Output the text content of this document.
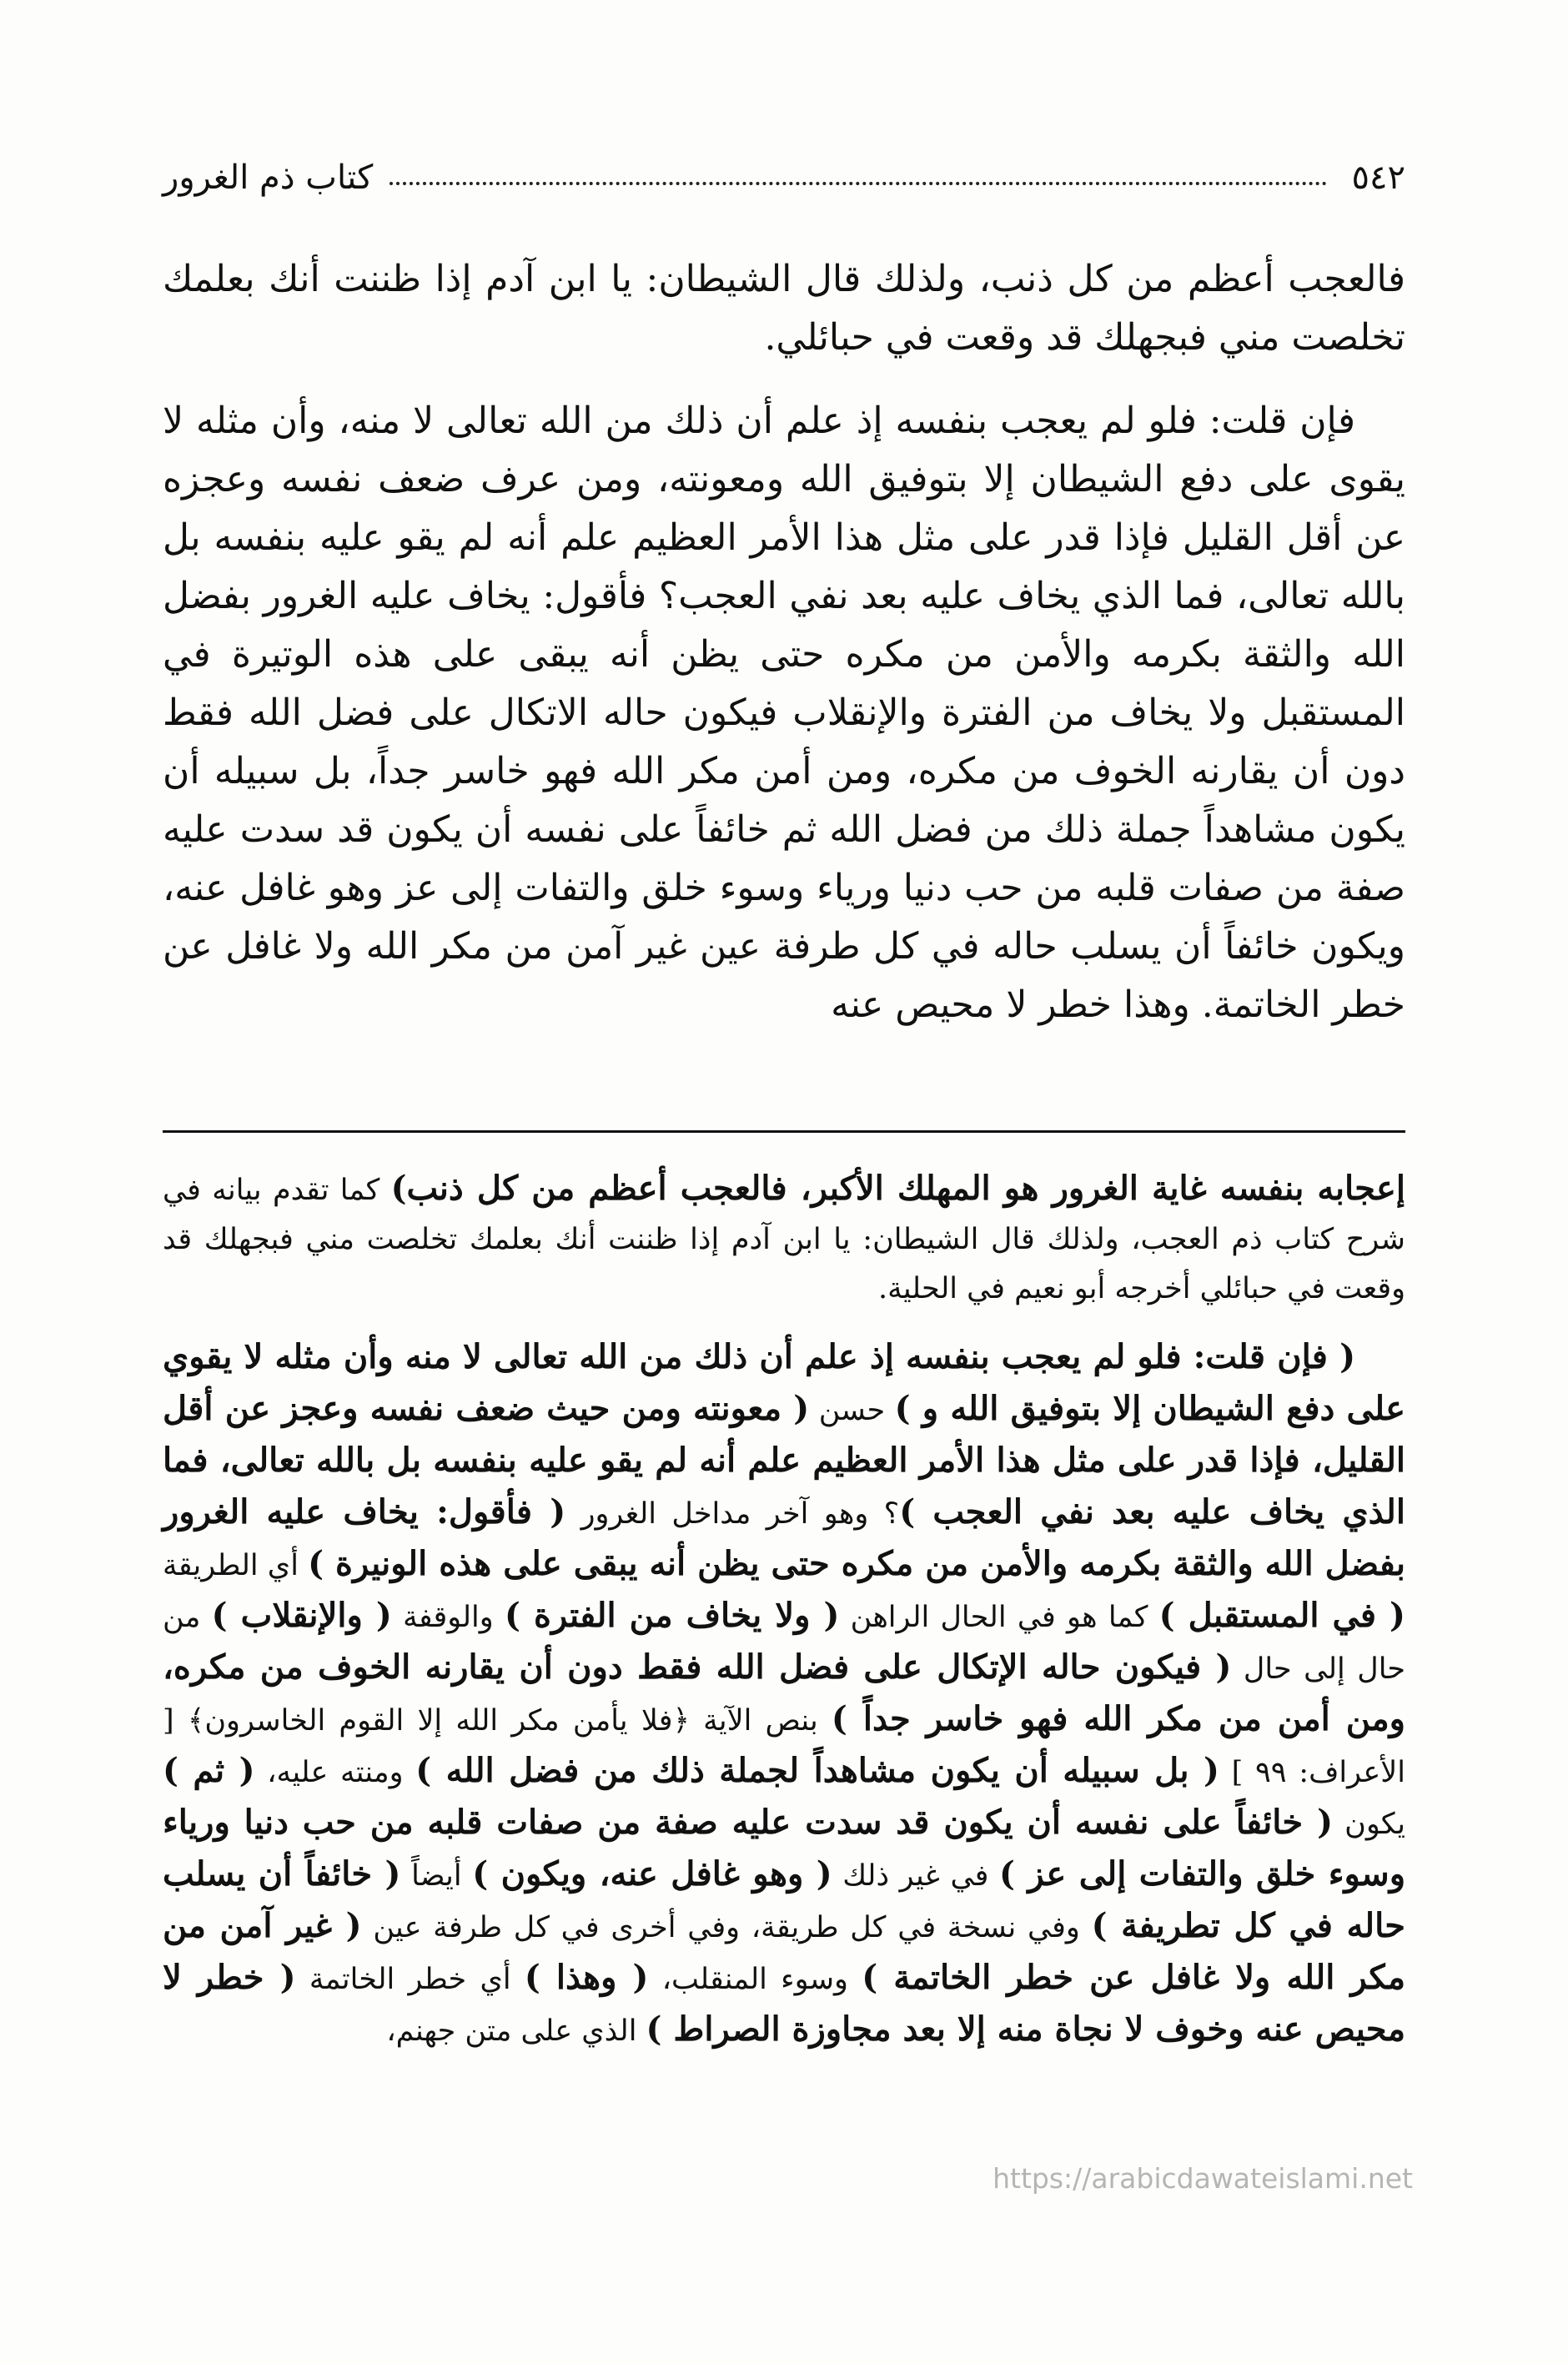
٥٤٢
كتاب ذم الغرور

فالعجب أعظم من كل ذنب، ولذلك قال الشيطان: يا ابن آدم إذا ظننت أنك بعلمك تخلصت مني فبجهلك قد وقعت في حبائلي.

فإن قلت: فلو لم يعجب بنفسه إذ علم أن ذلك من الله تعالى لا منه، وأن مثله لا يقوى على دفع الشيطان إلا بتوفيق الله ومعونته، ومن عرف ضعف نفسه وعجزه عن أقل القليل فإذا قدر على مثل هذا الأمر العظيم علم أنه لم يقو عليه بنفسه بل بالله تعالى، فما الذي يخاف عليه بعد نفي العجب؟ فأقول: يخاف عليه الغرور بفضل الله والثقة بكرمه والأمن من مكره حتى يظن أنه يبقى على هذه الوتيرة في المستقبل ولا يخاف من الفترة والإنقلاب فيكون حاله الاتكال على فضل الله فقط دون أن يقارنه الخوف من مكره، ومن أمن مكر الله فهو خاسر جداً، بل سبيله أن يكون مشاهداً جملة ذلك من فضل الله ثم خائفاً على نفسه أن يكون قد سدت عليه صفة من صفات قلبه من حب دنيا ورياء وسوء خلق والتفات إلى عز وهو غافل عنه، ويكون خائفاً أن يسلب حاله في كل طرفة عين غير آمن من مكر الله ولا غافل عن خطر الخاتمة. وهذا خطر لا محيص عنه

إعجابه بنفسه غاية الغرور هو المهلك الأكبر، فالعجب أعظم من كل ذنب) كما تقدم بيانه في شرح كتاب ذم العجب، ولذلك قال الشيطان: يا ابن آدم إذا ظننت أنك بعلمك تخلصت مني فبجهلك قد وقعت في حبائلي أخرجه أبو نعيم في الحلية.

( فإن قلت: فلو لم يعجب بنفسه إذ علم أن ذلك من الله تعالى لا منه وأن مثله لا يقوي على دفع الشيطان إلا بتوفيق الله و ) حسن ( معونته ومن حيث ضعف نفسه وعجز عن أقل القليل، فإذا قدر على مثل هذا الأمر العظيم علم أنه لم يقو عليه بنفسه بل بالله تعالى، فما الذي يخاف عليه بعد نفي العجب )؟ وهو آخر مداخل الغرور ( فأقول: يخاف عليه الغرور بفضل الله والثقة بكرمه والأمن من مكره حتى يظن أنه يبقى على هذه الونيرة ) أي الطريقة ( في المستقبل ) كما هو في الحال الراهن ( ولا يخاف من الفترة ) والوقفة ( والإنقلاب ) من حال إلى حال ( فيكون حاله الإتكال على فضل الله فقط دون أن يقارنه الخوف من مكره، ومن أمن من مكر الله فهو خاسر جداً ) بنص الآية ﴿فلا يأمن مكر الله إلا القوم الخاسرون﴾ [ الأعراف: ٩٩ ] ( بل سبيله أن يكون مشاهداً لجملة ذلك من فضل الله ) ومنته عليه، ( ثم ) يكون ( خائفاً على نفسه أن يكون قد سدت عليه صفة من صفات قلبه من حب دنيا ورياء وسوء خلق والتفات إلى عز ) في غير ذلك ( وهو غافل عنه، ويكون ) أيضاً ( خائفاً أن يسلب حاله في كل تطريفة ) وفي نسخة في كل طريقة، وفي أخرى في كل طرفة عين ( غير آمن من مكر الله ولا غافل عن خطر الخاتمة ) وسوء المنقلب، ( وهذا ) أي خطر الخاتمة ( خطر لا محيص عنه وخوف لا نجاة منه إلا بعد مجاوزة الصراط ) الذي على متن جهنم،

https://arabicdawateislami.net
